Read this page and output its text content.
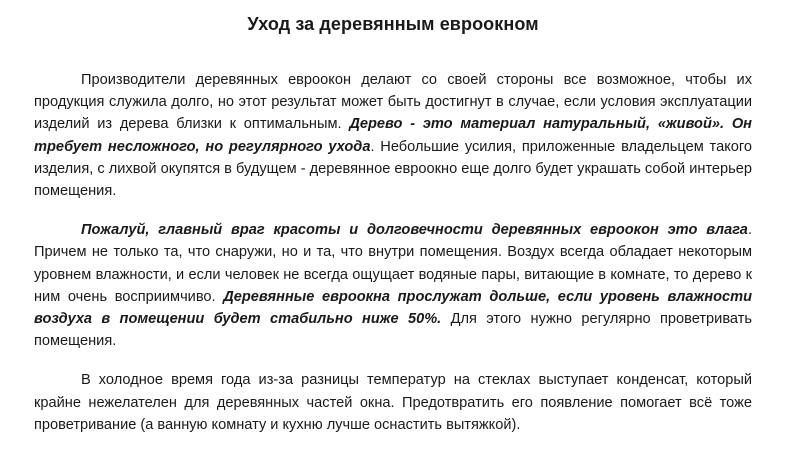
Уход за деревянным евроокном

Производители деревянных евроокон делают со своей стороны все возможное, чтобы их продукция служила долго, но этот результат может быть достигнут в случае, если условия эксплуатации изделий из дерева близки к оптимальным. Дерево - это материал натуральный, «живой». Он требует несложного, но регулярного ухода. Небольшие усилия, приложенные владельцем такого изделия, с лихвой окупятся в будущем - деревянное евроокно еще долго будет украшать собой интерьер помещения.

Пожалуй, главный враг красоты и долговечности деревянных евроокон это влага. Причем не только та, что снаружи, но и та, что внутри помещения. Воздух всегда обладает некоторым уровнем влажности, и если человек не всегда ощущает водяные пары, витающие в комнате, то дерево к ним очень восприимчиво. Деревянные евроокна прослужат дольше, если уровень влажности воздуха в помещении будет стабильно ниже 50%. Для этого нужно регулярно проветривать помещения.

В холодное время года из-за разницы температур на стеклах выступает конденсат, который крайне нежелателен для деревянных частей окна. Предотвратить его появление помогает всё тоже проветривание (а ванную комнату и кухню лучше оснастить вытяжкой).
